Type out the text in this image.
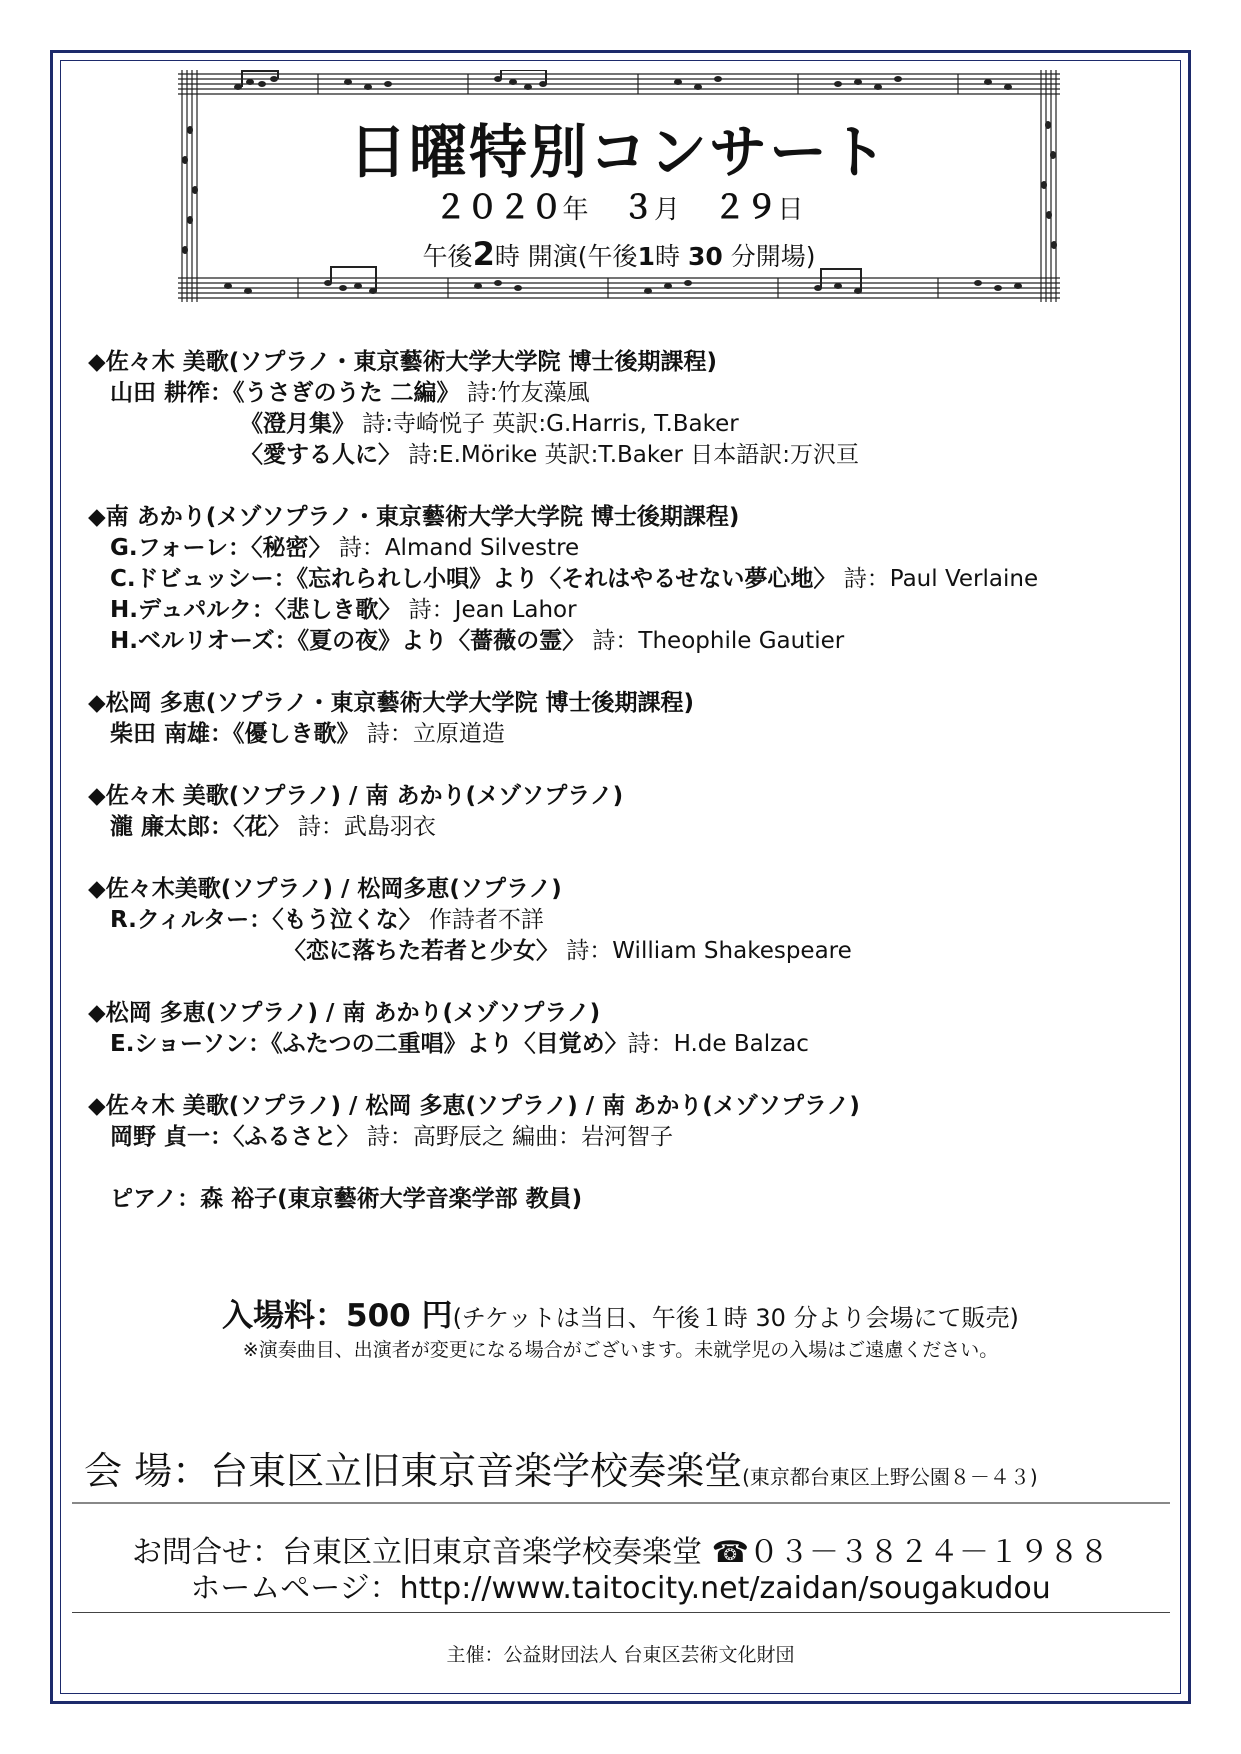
日曜特別コンサート
２０２０年 ３月 ２９日
午後2時 開演(午後1時 30 分開場)
◆佐々木 美歌(ソプラノ・東京藝術大学大学院 博士後期課程)
山田 耕筰：《うさぎのうた 二編》 詩:竹友藻風
《澄月集》 詩:寺崎悦子 英訳:G.Harris, T.Baker
〈愛する人に〉 詩:E.Mörike 英訳:T.Baker 日本語訳:万沢亘
◆南 あかり(メゾソプラノ・東京藝術大学大学院 博士後期課程)
G.フォーレ：〈秘密〉 詩：Almand Silvestre
C.ドビュッシー：《忘れられし小唄》より〈それはやるせない夢心地〉 詩：Paul Verlaine
H.デュパルク：〈悲しき歌〉 詩：Jean Lahor
H.ベルリオーズ：《夏の夜》より〈薔薇の霊〉 詩：Theophile Gautier
◆松岡 多恵(ソプラノ・東京藝術大学大学院 博士後期課程)
柴田 南雄：《優しき歌》 詩：立原道造
◆佐々木 美歌(ソプラノ) / 南 あかり(メゾソプラノ)
瀧 廉太郎：〈花〉 詩：武島羽衣
◆佐々木美歌(ソプラノ) / 松岡多恵(ソプラノ)
R.クィルター：〈もう泣くな〉 作詩者不詳
〈恋に落ちた若者と少女〉 詩：William Shakespeare
◆松岡 多恵(ソプラノ) / 南 あかり(メゾソプラノ)
E.ショーソン：《ふたつの二重唱》より〈目覚め〉詩：H.de Balzac
◆佐々木 美歌(ソプラノ) / 松岡 多恵(ソプラノ) / 南 あかり(メゾソプラノ)
岡野 貞一：〈ふるさと〉 詩：高野辰之 編曲：岩河智子
ピアノ：森 裕子(東京藝術大学音楽学部 教員)
入場料：500 円(チケットは当日、午後１時 30 分より会場にて販売)
※演奏曲目、出演者が変更になる場合がございます。未就学児の入場はご遠慮ください。
会 場：台東区立旧東京音楽学校奏楽堂(東京都台東区上野公園８－４３)
お問合せ：台東区立旧東京音楽学校奏楽堂 ☎０３－３８２４－１９８８
ホームページ：http://www.taitocity.net/zaidan/sougakudou
主催：公益財団法人 台東区芸術文化財団
